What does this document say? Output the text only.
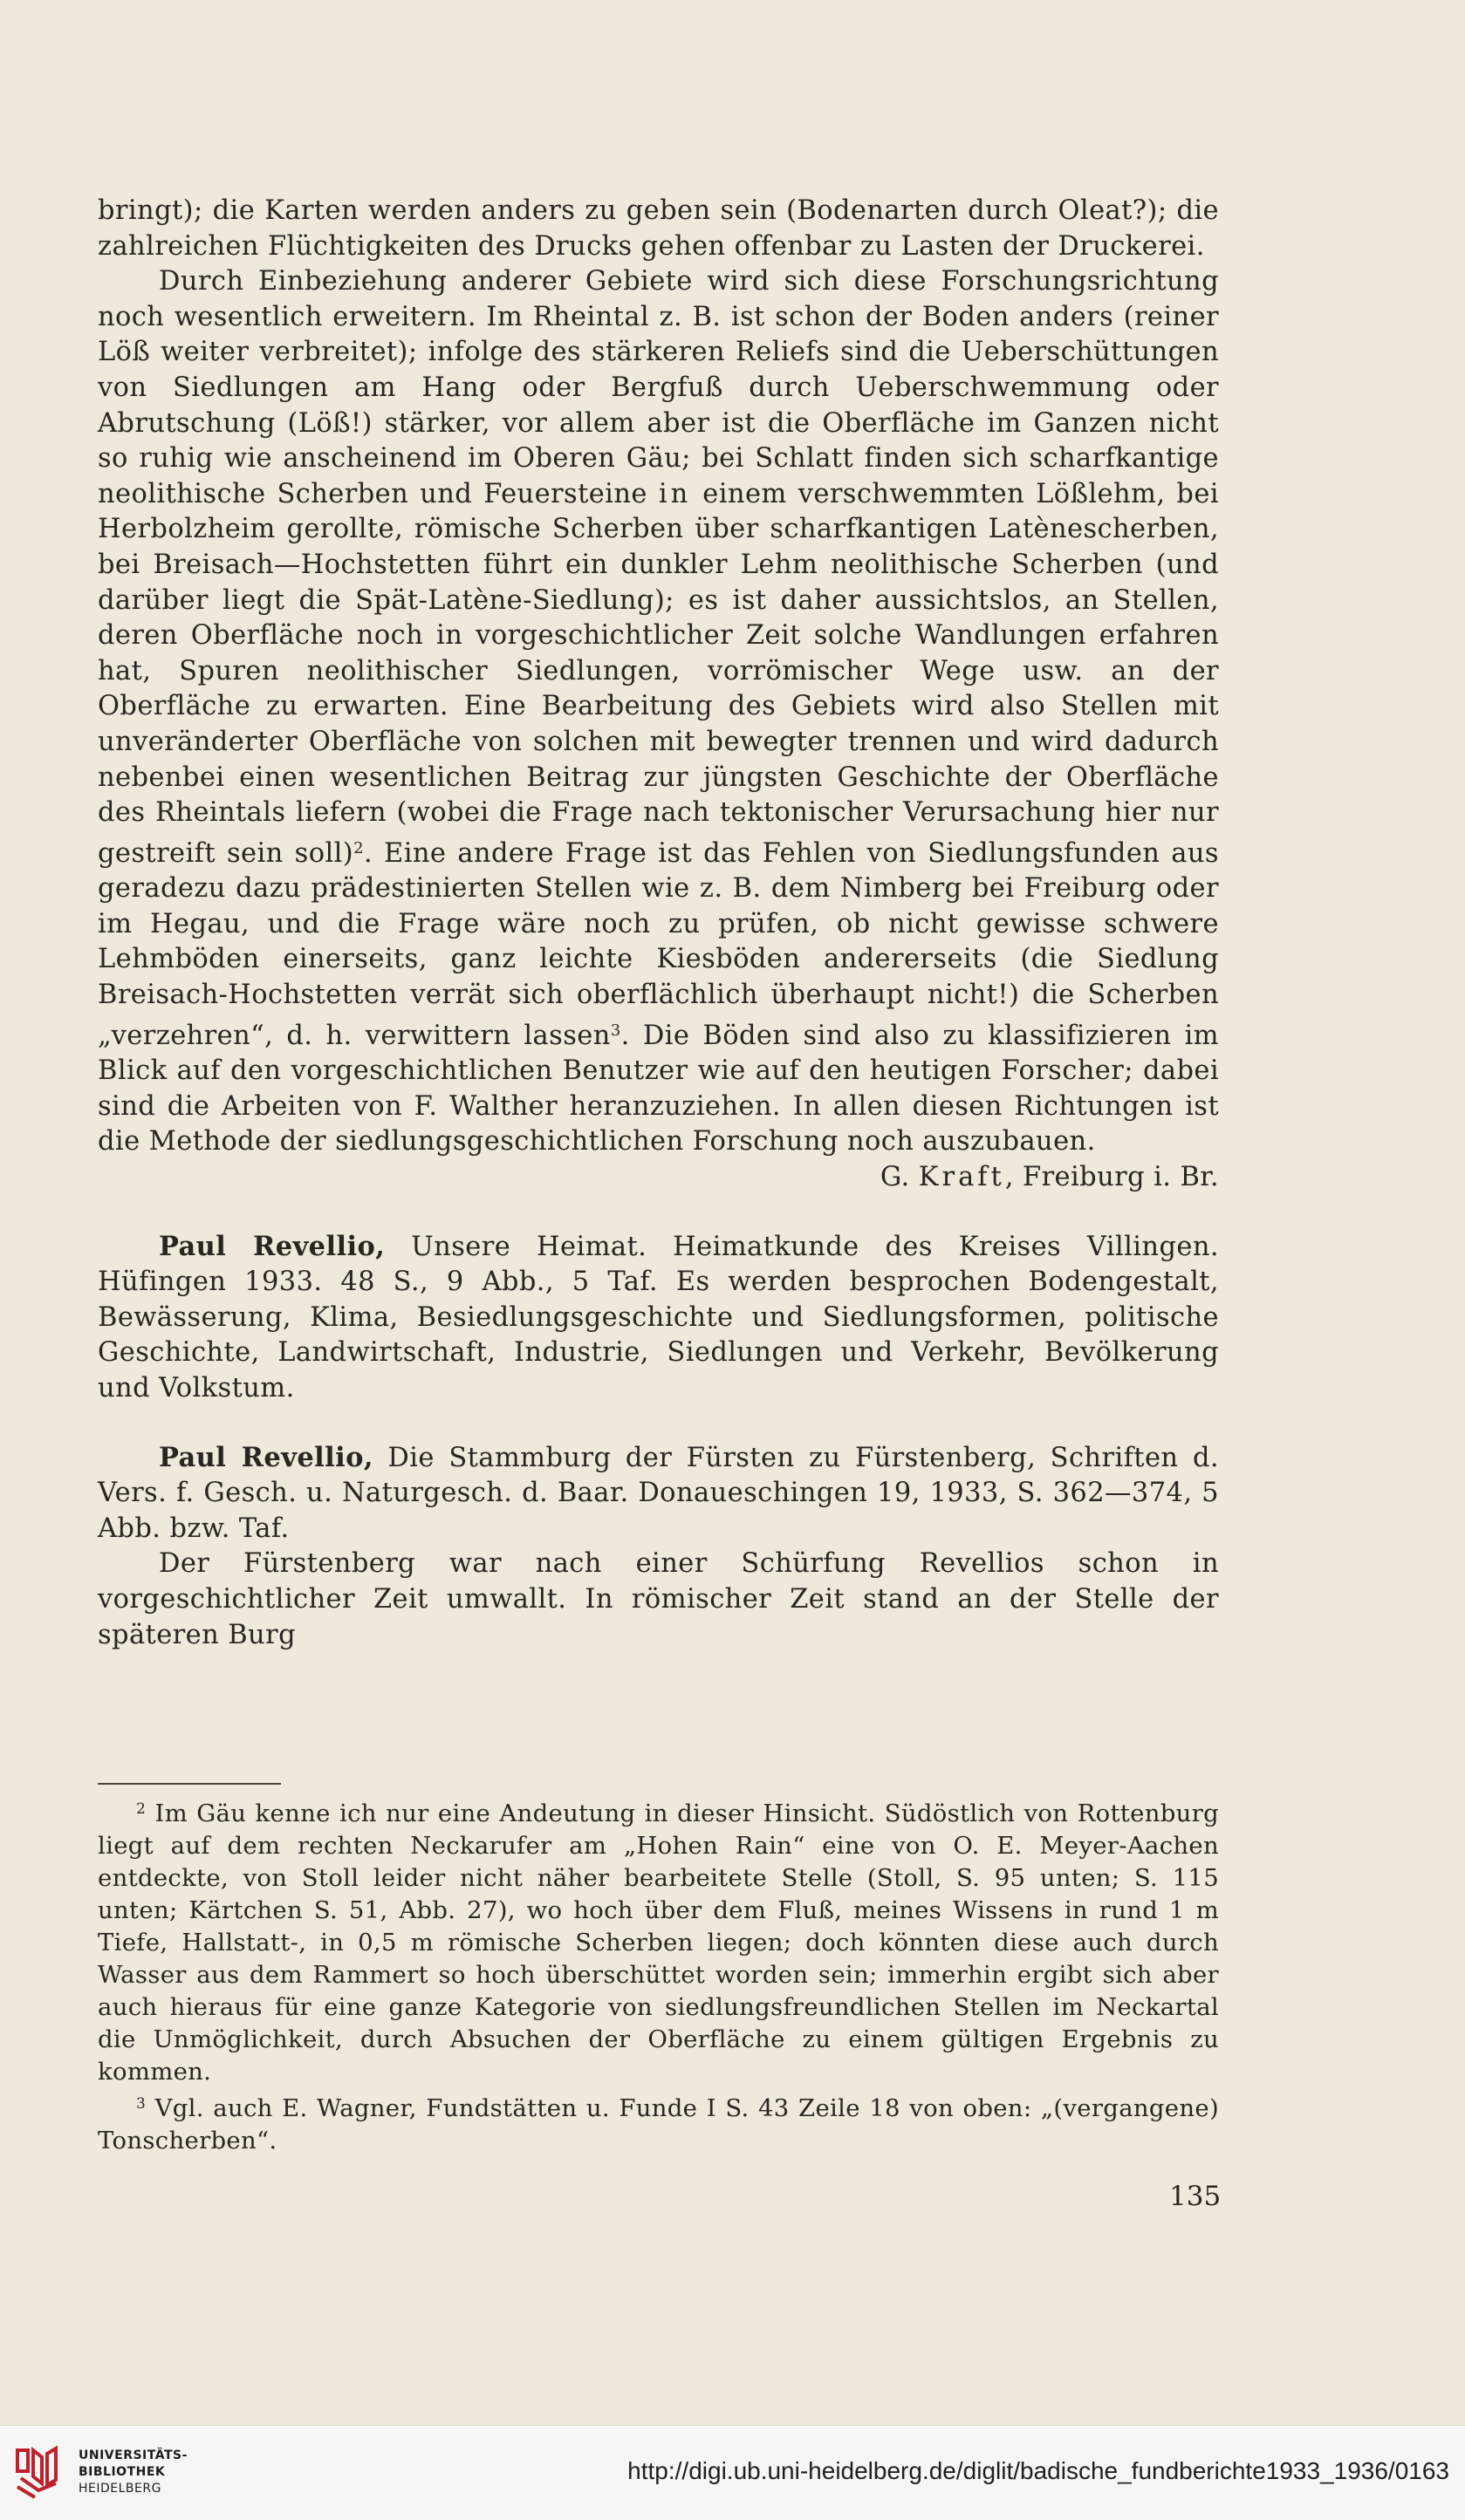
bringt); die Karten werden anders zu geben sein (Bodenarten durch Oleat?); die zahlreichen Flüchtigkeiten des Drucks gehen offenbar zu Lasten der Druckerei.

Durch Einbeziehung anderer Gebiete wird sich diese Forschungsrichtung noch wesentlich erweitern. Im Rheintal z. B. ist schon der Boden anders (reiner Löß weiter verbreitet); infolge des stärkeren Reliefs sind die Ueberschüttungen von Siedlungen am Hang oder Bergfuß durch Ueberschwemmung oder Abrutschung (Löß!) stärker, vor allem aber ist die Oberfläche im Ganzen nicht so ruhig wie anscheinend im Oberen Gäu; bei Schlatt finden sich scharfkantige neolithische Scherben und Feuersteine in einem verschwemmten Lößlehm, bei Herbolzheim gerollte, römische Scherben über scharfkantigen Latènescherben, bei Breisach—Hochstetten führt ein dunkler Lehm neolithische Scherben (und darüber liegt die Spät-Latène-Siedlung); es ist daher aussichtslos, an Stellen, deren Oberfläche noch in vorgeschichtlicher Zeit solche Wandlungen erfahren hat, Spuren neolithischer Siedlungen, vorrömischer Wege usw. an der Oberfläche zu erwarten. Eine Bearbeitung des Gebiets wird also Stellen mit unveränderter Oberfläche von solchen mit bewegter trennen und wird dadurch nebenbei einen wesentlichen Beitrag zur jüngsten Geschichte der Oberfläche des Rheintals liefern (wobei die Frage nach tektonischer Verursachung hier nur gestreift sein soll)$^2$. Eine andere Frage ist das Fehlen von Siedlungsfunden aus geradezu dazu prädestinierten Stellen wie z. B. dem Nimberg bei Freiburg oder im Hegau, und die Frage wäre noch zu prüfen, ob nicht gewisse schwere Lehmböden einerseits, ganz leichte Kiesböden andererseits (die Siedlung Breisach-Hochstetten verrät sich oberflächlich überhaupt nicht!) die Scherben „verzehren“, d. h. verwittern lassen$^3$. Die Böden sind also zu klassifizieren im Blick auf den vorgeschichtlichen Benutzer wie auf den heutigen Forscher; dabei sind die Arbeiten von F. Walther heranzuziehen. In allen diesen Richtungen ist die Methode der siedlungsgeschichtlichen Forschung noch auszubauen.

G. Kraft, Freiburg i. Br.

Paul Revellio, Unsere Heimat. Heimatkunde des Kreises Villingen. Hüfingen 1933. 48 S., 9 Abb., 5 Taf. Es werden besprochen Bodengestalt, Bewässerung, Klima, Besiedlungsgeschichte und Siedlungsformen, politische Geschichte, Landwirtschaft, Industrie, Siedlungen und Verkehr, Bevölkerung und Volkstum.

Paul Revellio, Die Stammburg der Fürsten zu Fürstenberg, Schriften d. Vers. f. Gesch. u. Naturgesch. d. Baar. Donaueschingen 19, 1933, S. 362—374, 5 Abb. bzw. Taf.

Der Fürstenberg war nach einer Schürfung Revellios schon in vorgeschichtlicher Zeit umwallt. In römischer Zeit stand an der Stelle der späteren Burg

$^2$ Im Gäu kenne ich nur eine Andeutung in dieser Hinsicht. Südöstlich von Rottenburg liegt auf dem rechten Neckarufer am „Hohen Rain“ eine von O. E. Meyer-Aachen entdeckte, von Stoll leider nicht näher bearbeitete Stelle (Stoll, S. 95 unten; S. 115 unten; Kärtchen S. 51, Abb. 27), wo hoch über dem Fluß, meines Wissens in rund 1 m Tiefe, Hallstatt-, in 0,5 m römische Scherben liegen; doch könnten diese auch durch Wasser aus dem Rammert so hoch überschüttet worden sein; immerhin ergibt sich aber auch hieraus für eine ganze Kategorie von siedlungsfreundlichen Stellen im Neckartal die Unmöglichkeit, durch Absuchen der Oberfläche zu einem gültigen Ergebnis zu kommen.

$^3$ Vgl. auch E. Wagner, Fundstätten u. Funde I S. 43 Zeile 18 von oben: „(vergangene) Tonscherben“.

135
UNIVERSITÄTS-
BIBLIOTHEK
HEIDELBERG
http://digi.ub.uni-heidelberg.de/diglit/badische_fundberichte1933_1936/0163
